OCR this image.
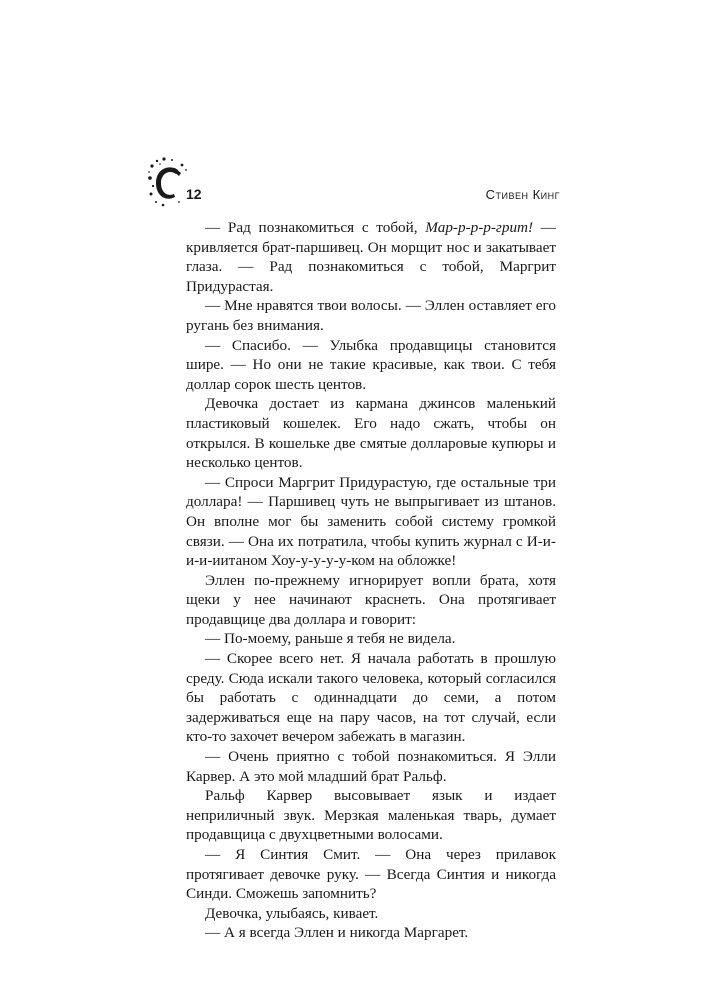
12	Стивен Кинг

— Рад познакомиться с тобой, Мар-р-р-р-грит! — кривляется брат-паршивец. Он морщит нос и закатывает глаза. — Рад познакомиться с тобой, Маргрит Придурастая.

— Мне нравятся твои волосы. — Эллен оставляет его ругань без внимания.

— Спасибо. — Улыбка продавщицы становится шире. — Но они не такие красивые, как твои. С тебя доллар сорок шесть центов.

Девочка достает из кармана джинсов маленький пластиковый кошелек. Его надо сжать, чтобы он открылся. В кошельке две смятые долларовые купюры и несколько центов.

— Спроси Маргрит Придурастую, где остальные три доллара! — Паршивец чуть не выпрыгивает из штанов. Он вполне мог бы заменить собой систему громкой связи. — Она их потратила, чтобы купить журнал с И-и-и-и-иитаном Хоу-у-у-у-у-ком на обложке!

Эллен по-прежнему игнорирует вопли брата, хотя щеки у нее начинают краснеть. Она протягивает продавщице два доллара и говорит:

— По-моему, раньше я тебя не видела.

— Скорее всего нет. Я начала работать в прошлую среду. Сюда искали такого человека, который согласился бы работать с одиннадцати до семи, а потом задерживаться еще на пару часов, на тот случай, если кто-то захочет вечером забежать в магазин.

— Очень приятно с тобой познакомиться. Я Элли Карвер. А это мой младший брат Ральф.

Ральф Карвер высовывает язык и издает неприличный звук. Мерзкая маленькая тварь, думает продавщица с двухцветными волосами.

— Я Синтия Смит. — Она через прилавок протягивает девочке руку. — Всегда Синтия и никогда Синди. Сможешь запомнить?

Девочка, улыбаясь, кивает.

— А я всегда Эллен и никогда Маргарет.
